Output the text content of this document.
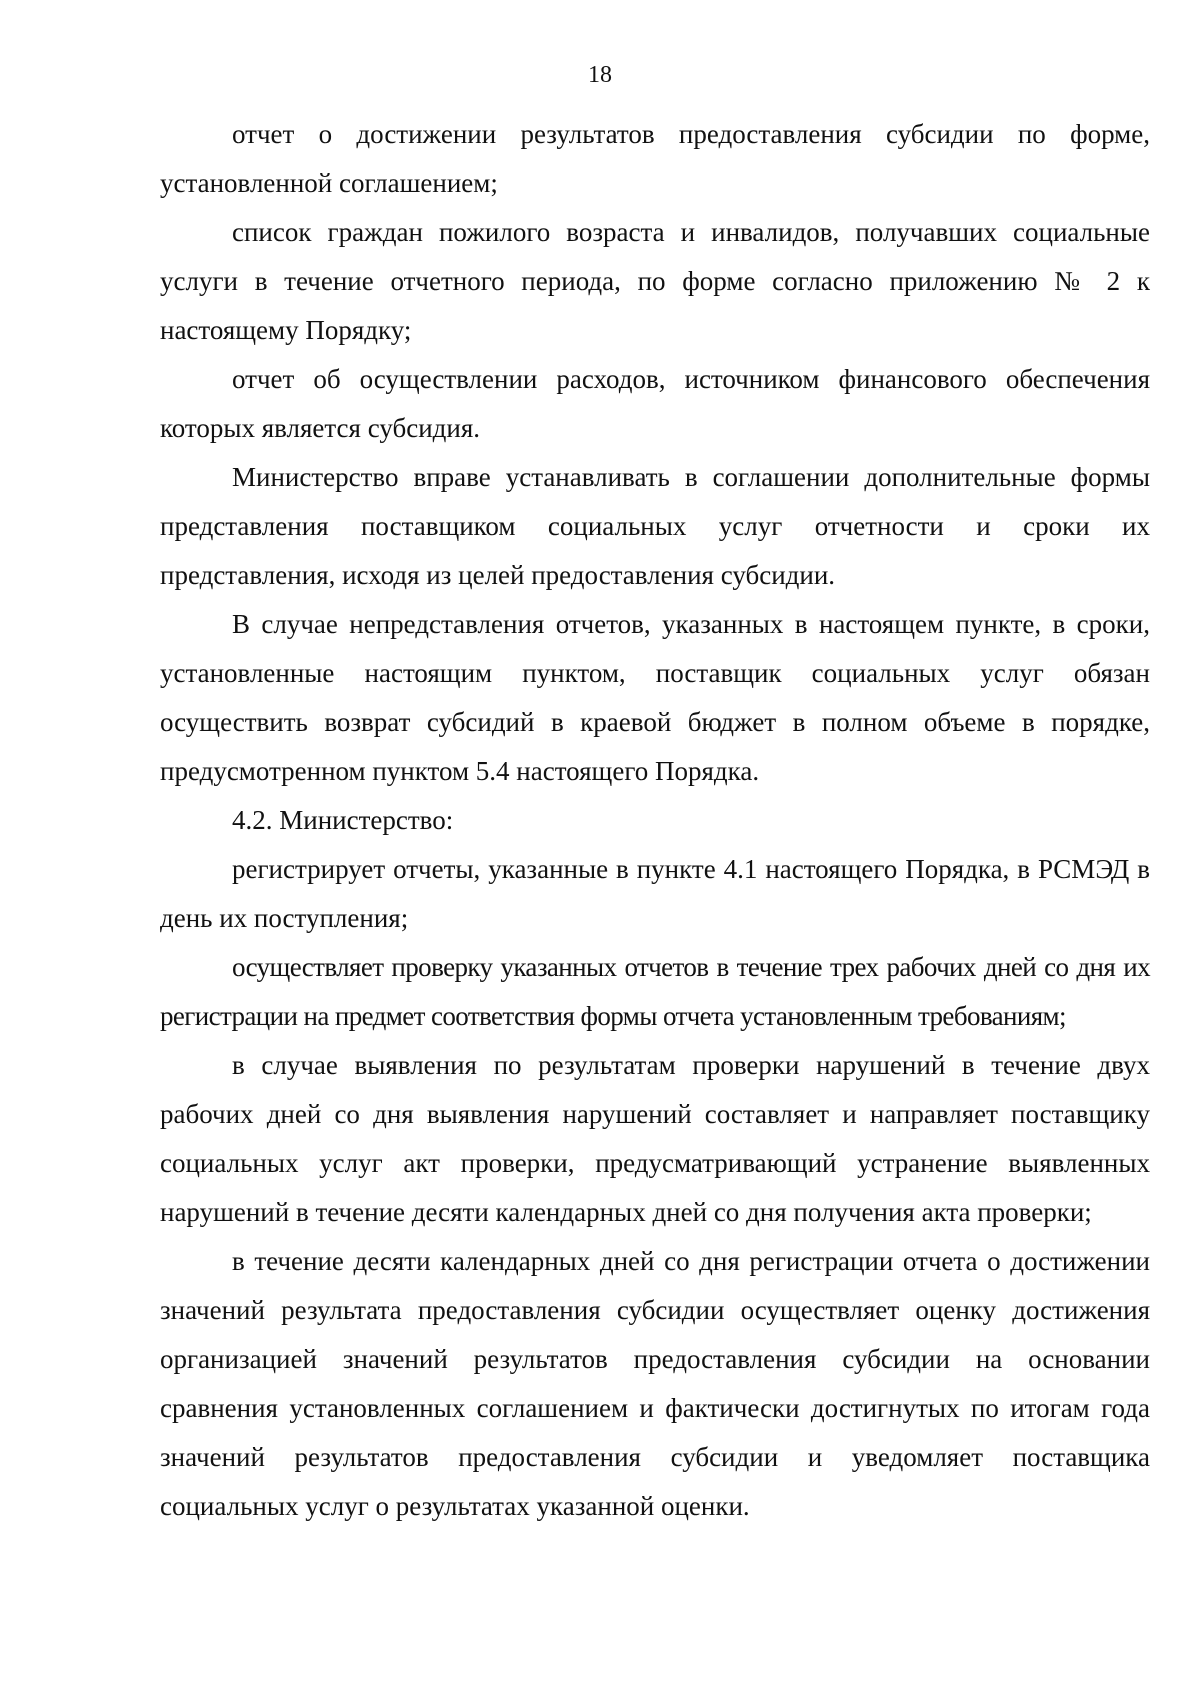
18

отчет о достижении результатов предоставления субсидии по форме, установленной соглашением;

список граждан пожилого возраста и инвалидов, получавших социальные услуги в течение отчетного периода, по форме согласно приложению № 2 к настоящему Порядку;

отчет об осуществлении расходов, источником финансового обеспечения которых является субсидия.

Министерство вправе устанавливать в соглашении дополнительные формы представления поставщиком социальных услуг отчетности и сроки их представления, исходя из целей предоставления субсидии.

В случае непредставления отчетов, указанных в настоящем пункте, в сроки, установленные настоящим пунктом, поставщик социальных услуг обязан осуществить возврат субсидий в краевой бюджет в полном объеме в порядке, предусмотренном пунктом 5.4 настоящего Порядка.

4.2. Министерство:

регистрирует отчеты, указанные в пункте 4.1 настоящего Порядка, в РСМЭД в день их поступления;

осуществляет проверку указанных отчетов в течение трех рабочих дней со дня их регистрации на предмет соответствия формы отчета установленным требованиям;

в случае выявления по результатам проверки нарушений в течение двух рабочих дней со дня выявления нарушений составляет и направляет поставщику социальных услуг акт проверки, предусматривающий устранение выявленных нарушений в течение десяти календарных дней со дня получения акта проверки;

в течение десяти календарных дней со дня регистрации отчета о достижении значений результата предоставления субсидии осуществляет оценку достижения организацией значений результатов предоставления субсидии на основании сравнения установленных соглашением и фактически достигнутых по итогам года значений результатов предоставления субсидии и уведомляет поставщика социальных услуг о результатах указанной оценки.
